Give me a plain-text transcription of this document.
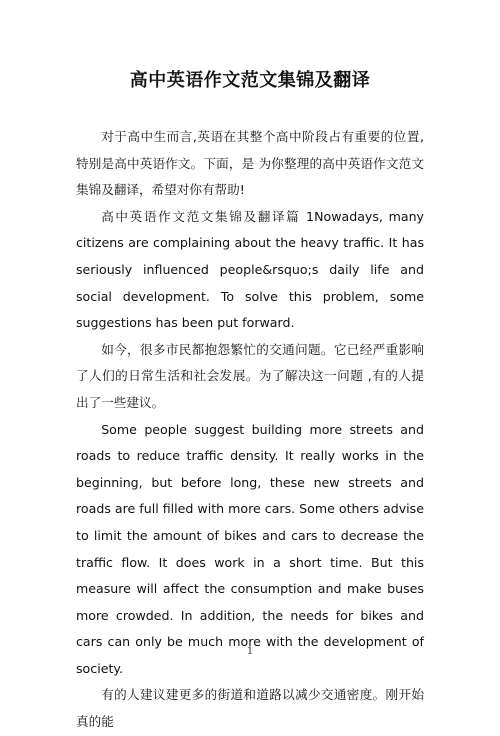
高中英语作文范文集锦及翻译

对于高中生而言,英语在其整个高中阶段占有重要的位置,特别是高中英语作文。下面，是 为你整理的高中英语作文范文集锦及翻译，希望对你有帮助!

高中英语作文范文集锦及翻译篇 1Nowadays, many citizens are complaining about the heavy traffic. It has seriously influenced people&rsquo;s daily life and social development. To solve this problem, some suggestions has been put forward.

如今，很多市民都抱怨繁忙的交通问题。它已经严重影响了人们的日常生活和社会发展。为了解决这一问题 ,有的人提出了一些建议。

Some people suggest building more streets and roads to reduce traffic density. It really works in the beginning, but before long, these new streets and roads are full filled with more cars. Some others advise to limit the amount of bikes and cars to decrease the traffic flow. It does work in a short time. But this measure will affect the consumption and make buses more crowded. In addition, the needs for bikes and cars can only be much more with the development of society.

有的人建议建更多的街道和道路以减少交通密度。刚开始真的能

1
